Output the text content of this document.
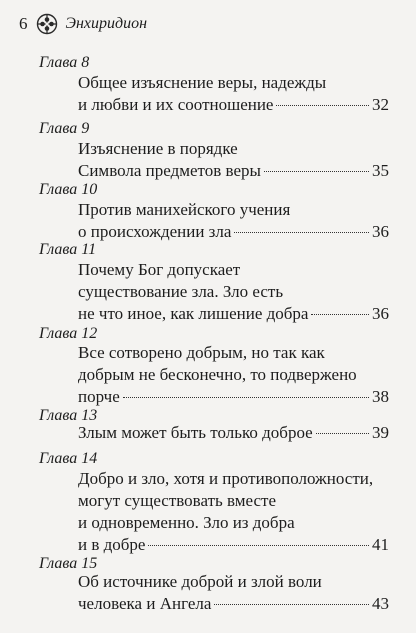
6 Энхиридион
Глава 8
Общее изъяснение веры, надежды
и любви и их соотношение	32
Глава 9
Изъяснение в порядке
Символа предметов веры	35
Глава 10
Против манихейского учения
о происхождении зла	36
Глава 11
Почему Бог допускает
существование зла. Зло есть
не что иное, как лишение добра	36
Глава 12
Все сотворено добрым, но так как
добрым не бесконечно, то подвержено
порче	38
Глава 13
Злым может быть только доброе	39
Глава 14
Добро и зло, хотя и противоположности,
могут существовать вместе
и одновременно. Зло из добра
и в добре	41
Глава 15
Об источнике доброй и злой воли
человека и Ангела	43
